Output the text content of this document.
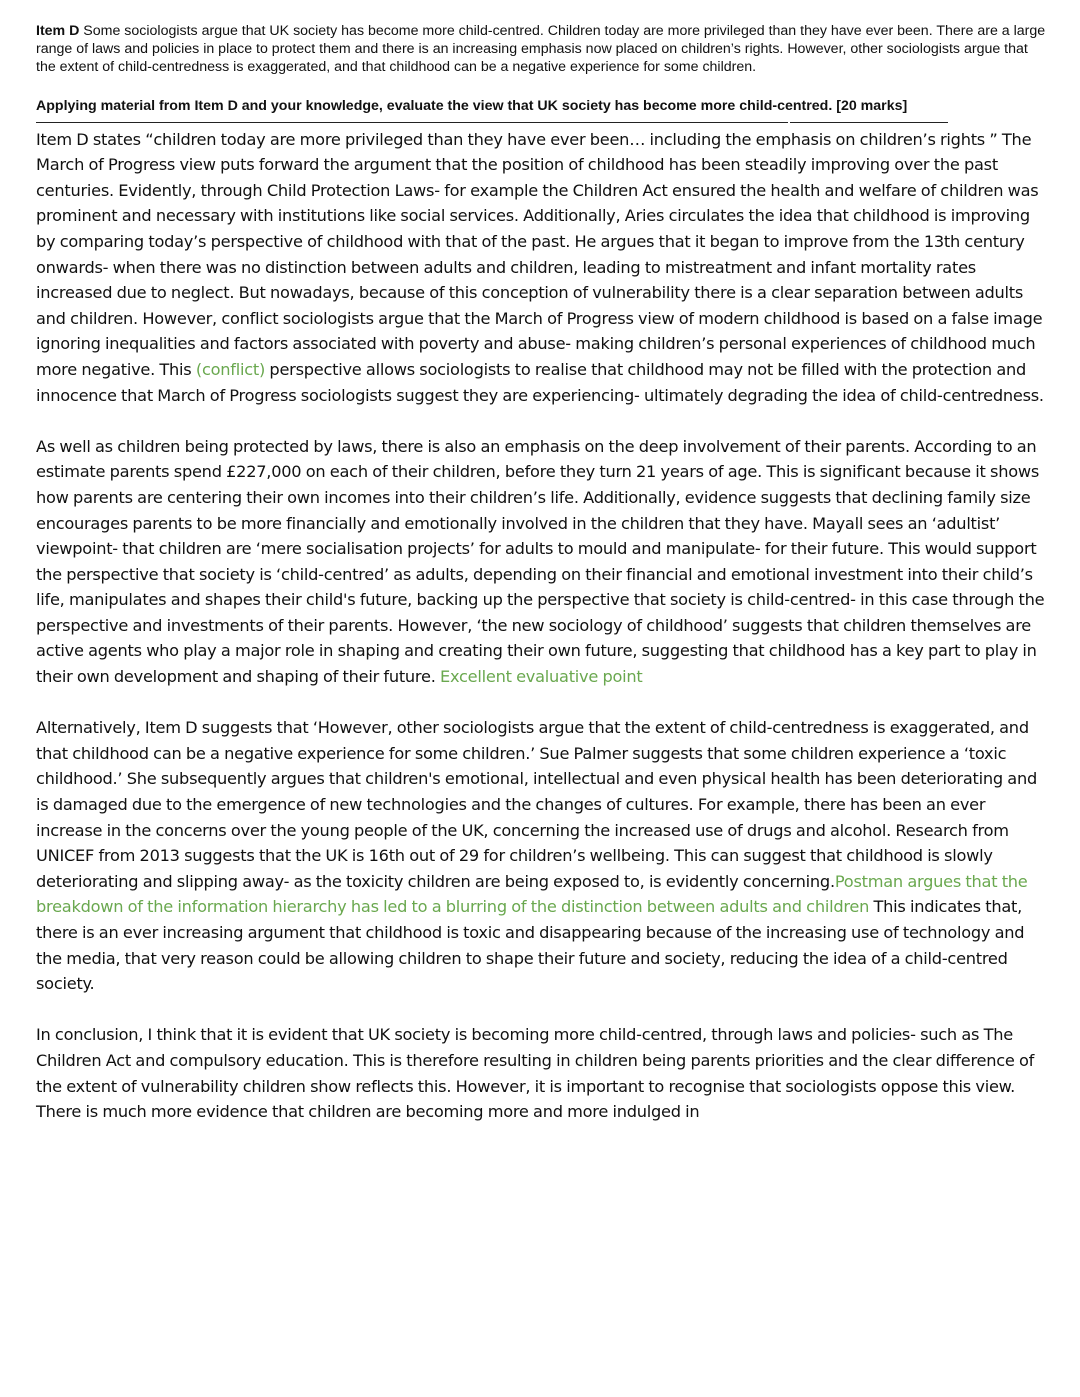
Item D Some sociologists argue that UK society has become more child-centred. Children today are more privileged than they have ever been. There are a large range of laws and policies in place to protect them and there is an increasing emphasis now placed on children’s rights. However, other sociologists argue that the extent of child-centredness is exaggerated, and that childhood can be a negative experience for some children.

Applying material from Item D and your knowledge, evaluate the view that UK society has become more child-centred. [20 marks]

Item D states “children today are more privileged than they have ever been… including the emphasis on children’s rights ” The March of Progress view puts forward the argument that the position of childhood has been steadily improving over the past centuries. Evidently, through Child Protection Laws- for example the Children Act ensured the health and welfare of children was prominent and necessary with institutions like social services. Additionally, Aries circulates the idea that childhood is improving by comparing today’s perspective of childhood with that of the past. He argues that it began to improve from the 13th century onwards- when there was no distinction between adults and children, leading to mistreatment and infant mortality rates increased due to neglect. But nowadays, because of this conception of vulnerability there is a clear separation between adults and children. However, conflict sociologists argue that the March of Progress view of modern childhood is based on a false image ignoring inequalities and factors associated with poverty and abuse- making children’s personal experiences of childhood much more negative. This (conflict) perspective allows sociologists to realise that childhood may not be filled with the protection and innocence that March of Progress sociologists suggest they are experiencing- ultimately degrading the idea of child-centredness.

As well as children being protected by laws, there is also an emphasis on the deep involvement of their parents. According to an estimate parents spend £227,000 on each of their children, before they turn 21 years of age. This is significant because it shows how parents are centering their own incomes into their children’s life. Additionally, evidence suggests that declining family size encourages parents to be more financially and emotionally involved in the children that they have. Mayall sees an ‘adultist’ viewpoint- that children are ‘mere socialisation projects’ for adults to mould and manipulate- for their future. This would support the perspective that society is ‘child-centred’ as adults, depending on their financial and emotional investment into their child’s life, manipulates and shapes their child's future, backing up the perspective that society is child-centred- in this case through the perspective and investments of their parents. However, ‘the new sociology of childhood’ suggests that children themselves are active agents who play a major role in shaping and creating their own future, suggesting that childhood has a key part to play in their own development and shaping of their future. Excellent evaluative point

Alternatively, Item D suggests that ‘However, other sociologists argue that the extent of child-centredness is exaggerated, and that childhood can be a negative experience for some children.’ Sue Palmer suggests that some children experience a ‘toxic childhood.’ She subsequently argues that children's emotional, intellectual and even physical health has been deteriorating and is damaged due to the emergence of new technologies and the changes of cultures. For example, there has been an ever increase in the concerns over the young people of the UK, concerning the increased use of drugs and alcohol. Research from UNICEF from 2013 suggests that the UK is 16th out of 29 for children’s wellbeing. This can suggest that childhood is slowly deteriorating and slipping away- as the toxicity children are being exposed to, is evidently concerning.Postman argues that the breakdown of the information hierarchy has led to a blurring of the distinction between adults and children This indicates that, there is an ever increasing argument that childhood is toxic and disappearing because of the increasing use of technology and the media, that very reason could be allowing children to shape their future and society, reducing the idea of a child-centred society.

In conclusion, I think that it is evident that UK society is becoming more child-centred, through laws and policies- such as The Children Act and compulsory education. This is therefore resulting in children being parents priorities and the clear difference of the extent of vulnerability children show reflects this. However, it is important to recognise that sociologists oppose this view. There is much more evidence that children are becoming more and more indulged in
